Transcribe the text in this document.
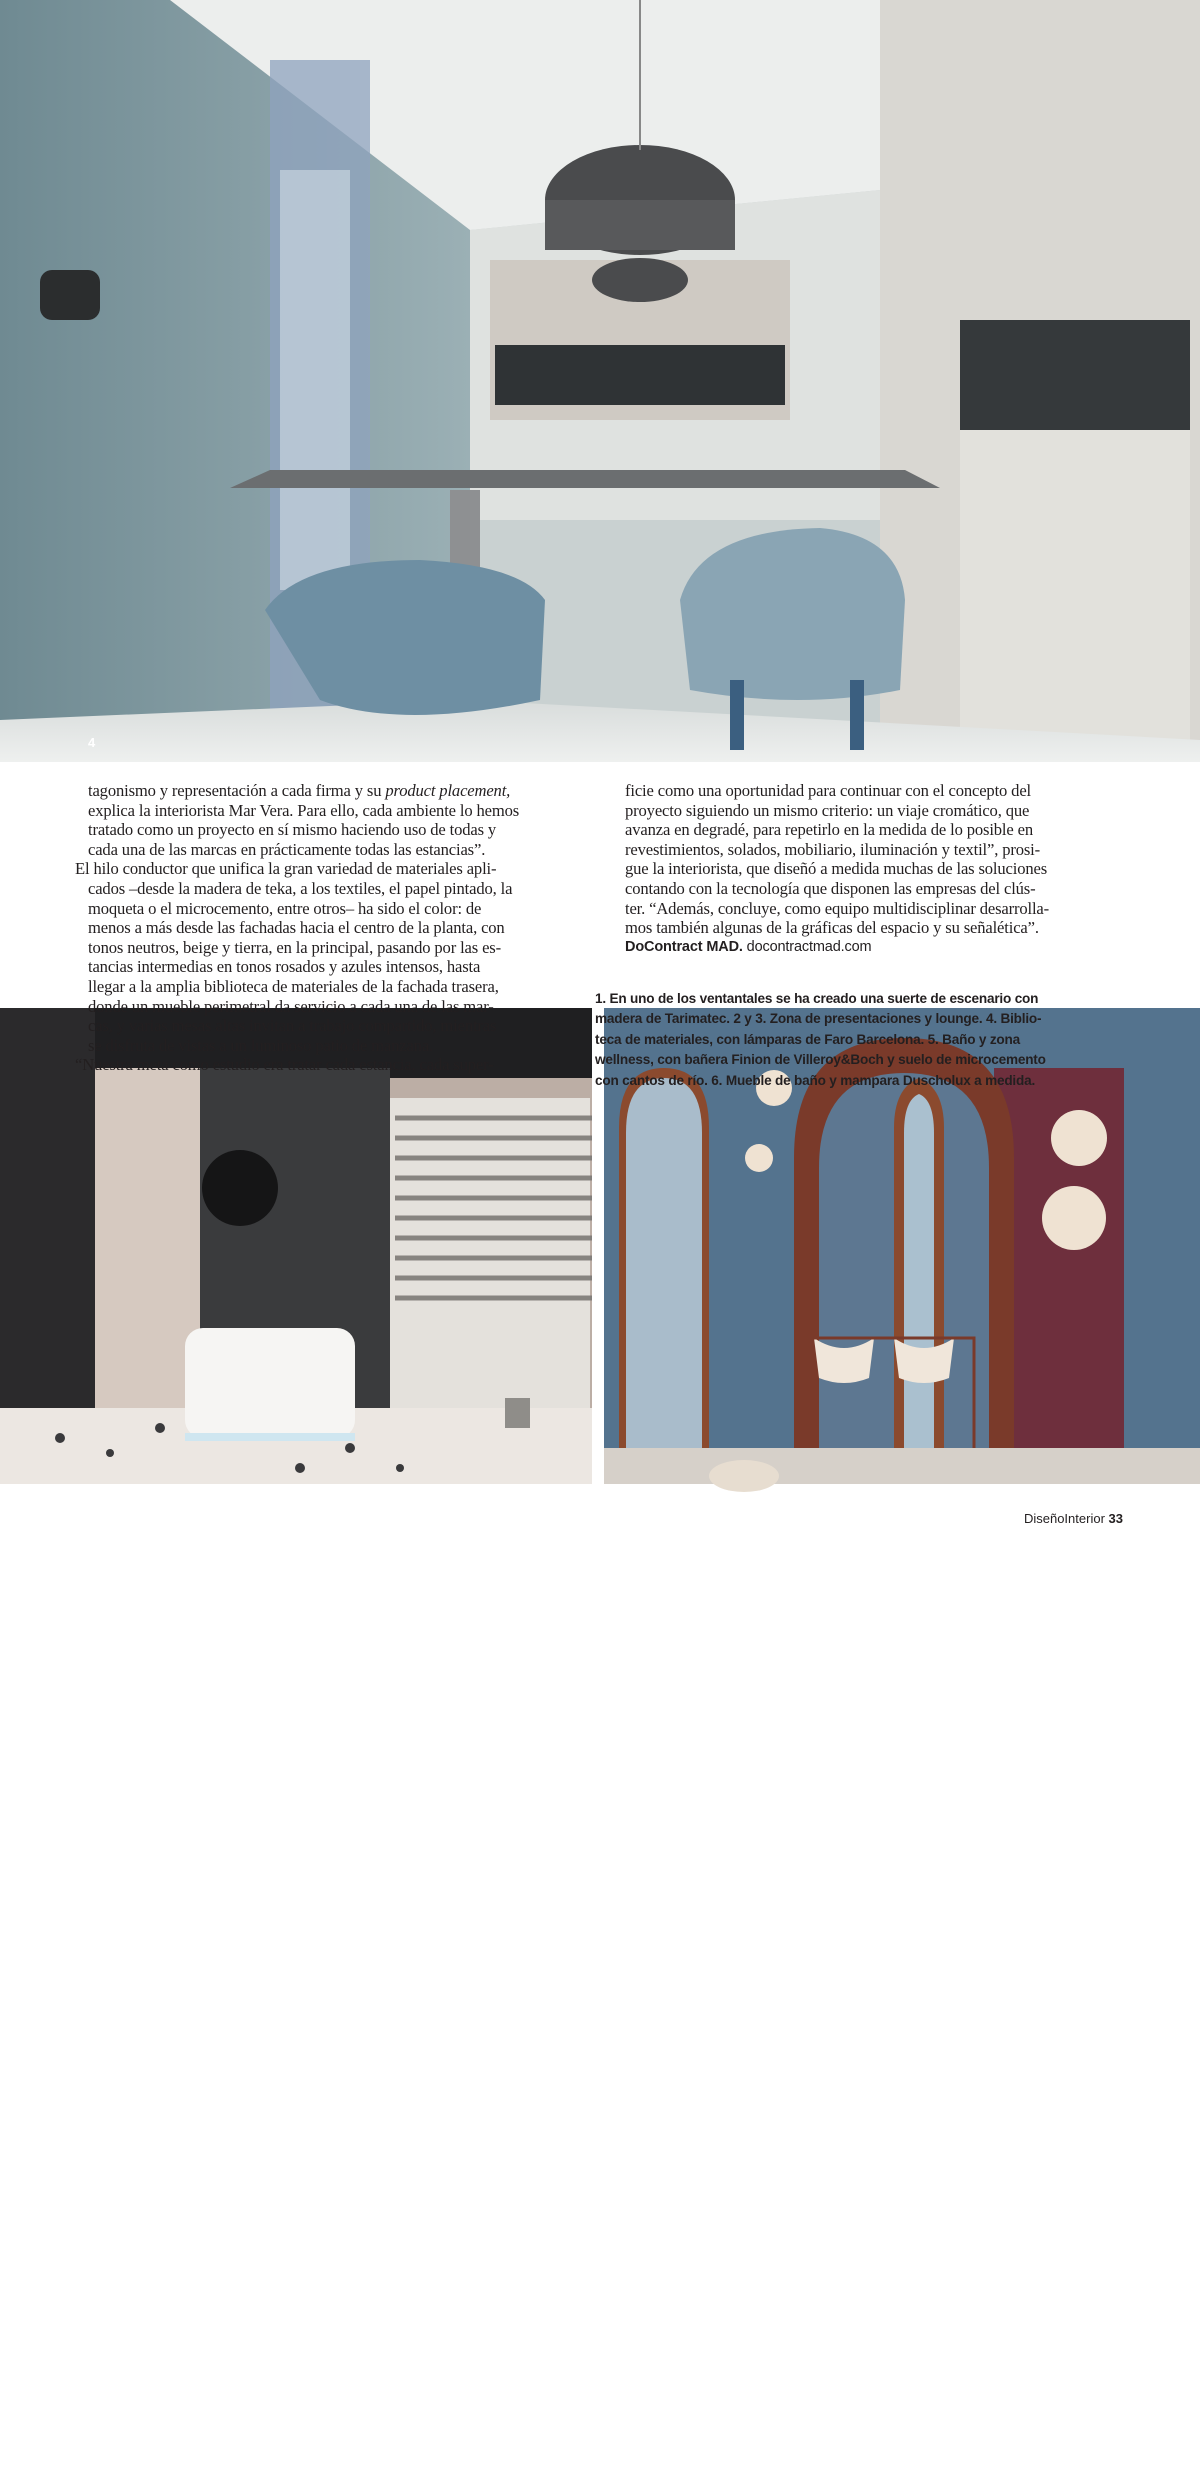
4
5	6
tagonismo y representación a cada firma y su product placement,
explica la interiorista Mar Vera. Para ello, cada ambiente lo hemos
tratado como un proyecto en sí mismo haciendo uso de todas y
cada una de las marcas en prácticamente todas las estancias”.
El hilo conductor que unifica la gran variedad de materiales apli-
cados –desde la madera de teka, a los textiles, el papel pintado, la
moqueta o el microcemento, entre otros– ha sido el color: de
menos a más desde las fachadas hacia el centro de la planta, con
tonos neutros, beige y tierra, en la principal, pasando por las es-
tancias intermedias en tonos rosados y azules intensos, hasta
llegar a la amplia biblioteca de materiales de la fachada trasera,
donde un mueble perimetral da servicio a cada una de las mar-
cas, y varias mesas altas invitan a trabajo compartido, mientras
se disfruta de vistas a un luminoso patio de manzana.
“Nuestra meta como estudio era tratar cada estancia, cada super-
ficie como una oportunidad para continuar con el concepto del
proyecto siguiendo un mismo criterio: un viaje cromático, que
avanza en degradé, para repetirlo en la medida de lo posible en
revestimientos, solados, mobiliario, iluminación y textil”, prosi-
gue la interiorista, que diseñó a medida muchas de las soluciones
contando con la tecnología que disponen las empresas del clús-
ter. “Además, concluye, como equipo multidisciplinar desarrolla-
mos también algunas de la gráficas del espacio y su señalética”.
DoContract MAD. docontractmad.com
1. En uno de los ventantales se ha creado una suerte de escenario con
madera de Tarimatec. 2 y 3. Zona de presentaciones y lounge. 4. Biblio-
teca de materiales, con lámparas de Faro Barcelona. 5. Baño y zona
wellness, con bañera Finion de Villeroy&Boch y suelo de microcemento
con cantos de río. 6. Mueble de baño y mampara Duscholux a medida.
DiseñoInterior 33
